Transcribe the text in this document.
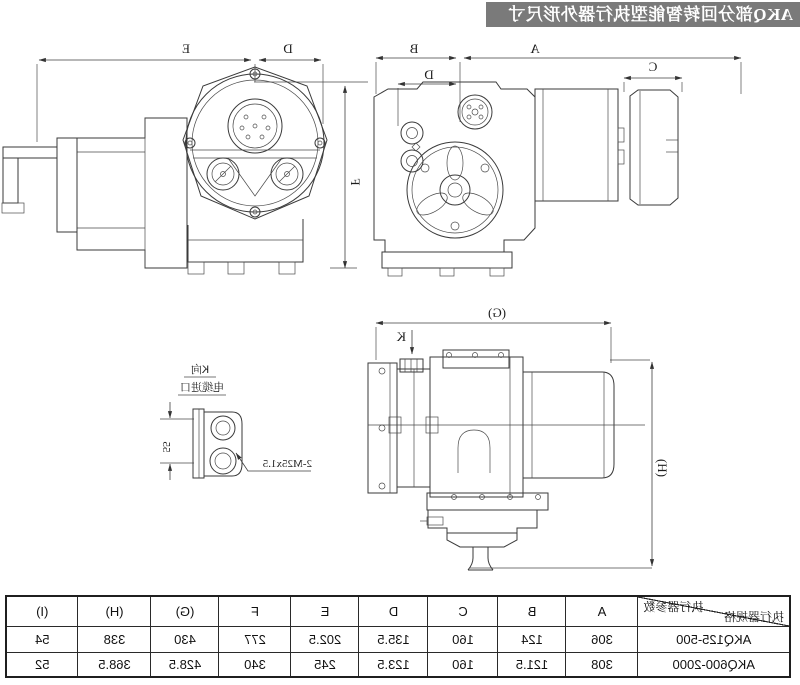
AKQ部分回转智能型执行器外形尺寸
A
B
D
C
D
E
F
(G)
K
(H)
K向
电缆进口
55
2-M25x1.5
执行器参数
执行器规格	A	B	C	D	E	F	(G)	(H)	(I)
AKQ125-500	306	124	160	135.5	202.5	277	430	338	54
AKQ600-2000	308	121.5	160	123.5	245	340	428.5	368.5	52
